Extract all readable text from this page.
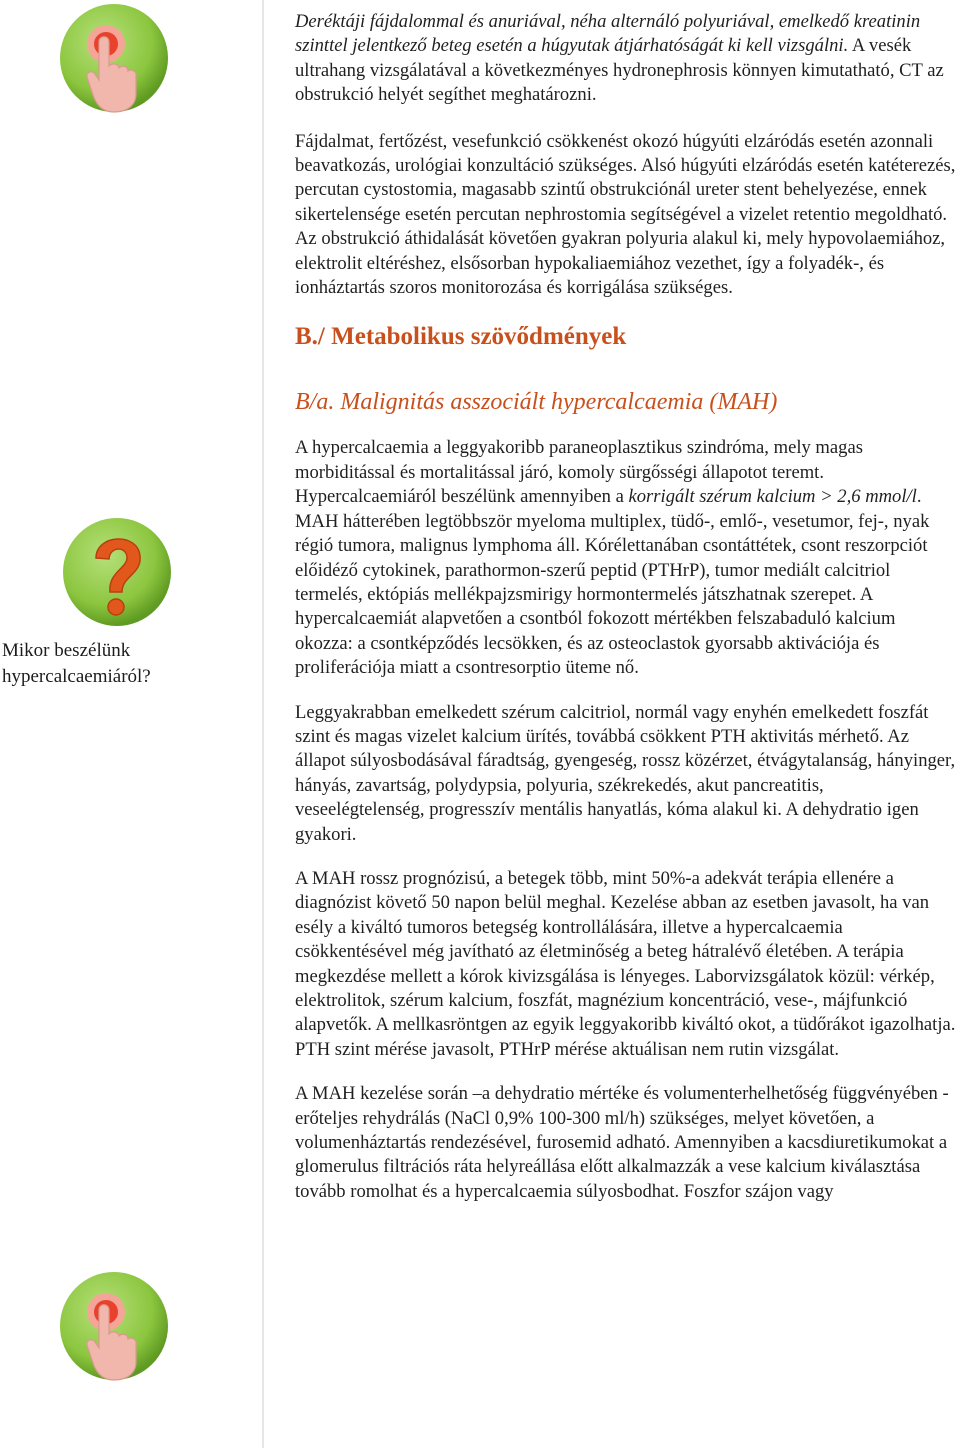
Mikor beszélünk hypercalcaemiáról?

Deréktáji fájdalommal és anuriával, néha alternáló polyuriával, emelkedő kreatinin szinttel jelentkező beteg esetén a húgyutak átjárhatóságát ki kell vizsgálni. A vesék ultrahang vizsgálatával a következményes hydronephrosis könnyen kimutatható, CT az obstrukció helyét segíthet meghatározni.

Fájdalmat, fertőzést, vesefunkció csökkenést okozó húgyúti elzáródás esetén azonnali beavatkozás, urológiai konzultáció szükséges. Alsó húgyúti elzáródás esetén katéterezés, percutan cystostomia, magasabb szintű obstrukciónál ureter stent behelyezése, ennek sikertelensége esetén percutan nephrostomia segítségével a vizelet retentio megoldható. Az obstrukció áthidalását követően gyakran polyuria alakul ki, mely hypovolaemiához, elektrolit eltéréshez, elsősorban hypokaliaemiához vezethet, így a folyadék-, és ionháztartás szoros monitorozása és korrigálása szükséges.

B./ Metabolikus szövődmények
B/a. Malignitás asszociált hypercalcaemia (MAH)

A hypercalcaemia a leggyakoribb paraneoplasztikus szindróma, mely magas morbiditással és mortalitással járó, komoly sürgősségi állapotot teremt. Hypercalcaemiáról beszélünk amennyiben a korrigált szérum kalcium > 2,6 mmol/l. MAH hátterében legtöbbször myeloma multiplex, tüdő-, emlő-, vesetumor, fej-, nyak régió tumora, malignus lymphoma áll. Kórélettanában csontáttétek, csont reszorpciót előidéző cytokinek, parathormon-szerű peptid (PTHrP), tumor mediált calcitriol termelés, ektópiás mellékpajzsmirigy hormontermelés játszhatnak szerepet. A hypercalcaemiát alapvetően a csontból fokozott mértékben felszabaduló kalcium okozza: a csontképződés lecsökken, és az osteoclastok gyorsabb aktivációja és proliferációja miatt a csontresorptio üteme nő.

Leggyakrabban emelkedett szérum calcitriol, normál vagy enyhén emelkedett foszfát szint és magas vizelet kalcium ürítés, továbbá csökkent PTH aktivitás mérhető. Az állapot súlyosbodásával fáradtság, gyengeség, rossz közérzet, étvágytalanság, hányinger, hányás, zavartság, polydypsia, polyuria, székrekedés, akut pancreatitis, veseelégtelenség, progresszív mentális hanyatlás, kóma alakul ki. A dehydratio igen gyakori.

A MAH rossz prognózisú, a betegek több, mint 50%-a adekvát terápia ellenére a diagnózist követő 50 napon belül meghal. Kezelése abban az esetben javasolt, ha van esély a kiváltó tumoros betegség kontrollálására, illetve a hypercalcaemia csökkentésével még javítható az életminőség a beteg hátralévő életében. A terápia megkezdése mellett a kórok kivizsgálása is lényeges. Laborvizsgálatok közül: vérkép, elektrolitok, szérum kalcium, foszfát, magnézium koncentráció, vese-, májfunkció alapvetők. A mellkasröntgen az egyik leggyakoribb kiváltó okot, a tüdőrákot igazolhatja. PTH szint mérése javasolt, PTHrP mérése aktuálisan nem rutin vizsgálat.

A MAH kezelése során –a dehydratio mértéke és volumenterhelhetőség függvényében - erőteljes rehydrálás (NaCl 0,9% 100-300 ml/h) szükséges, melyet követően, a volumenháztartás rendezésével, furosemid adható. Amennyiben a kacsdiuretikumokat a glomerulus filtrációs ráta helyreállása előtt alkalmazzák a vese kalcium kiválasztása tovább romolhat és a hypercalcaemia súlyosbodhat. Foszfor szájon vagy
